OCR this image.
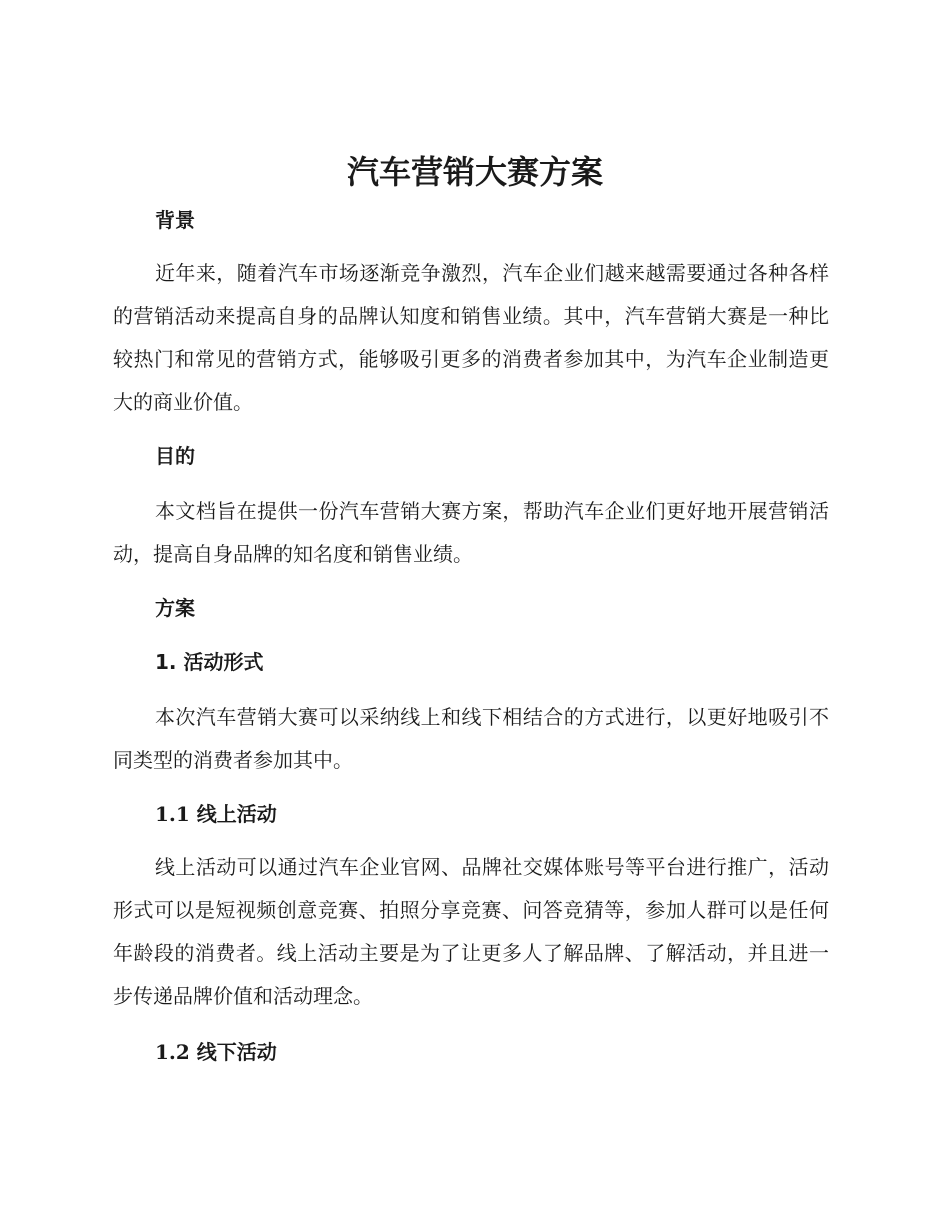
汽车营销大赛方案
背景

近年来，随着汽车市场逐渐竞争激烈，汽车企业们越来越需要通过各种各样的营销活动来提高自身的品牌认知度和销售业绩。其中，汽车营销大赛是一种比较热门和常见的营销方式，能够吸引更多的消费者参加其中，为汽车企业制造更大的商业价值。

目的

本文档旨在提供一份汽车营销大赛方案，帮助汽车企业们更好地开展营销活动，提高自身品牌的知名度和销售业绩。

方案
1. 活动形式

本次汽车营销大赛可以采纳线上和线下相结合的方式进行，以更好地吸引不同类型的消费者参加其中。

1.1 线上活动

线上活动可以通过汽车企业官网、品牌社交媒体账号等平台进行推广，活动形式可以是短视频创意竞赛、拍照分享竞赛、问答竞猜等，参加人群可以是任何年龄段的消费者。线上活动主要是为了让更多人了解品牌、了解活动，并且进一步传递品牌价值和活动理念。

1.2 线下活动
